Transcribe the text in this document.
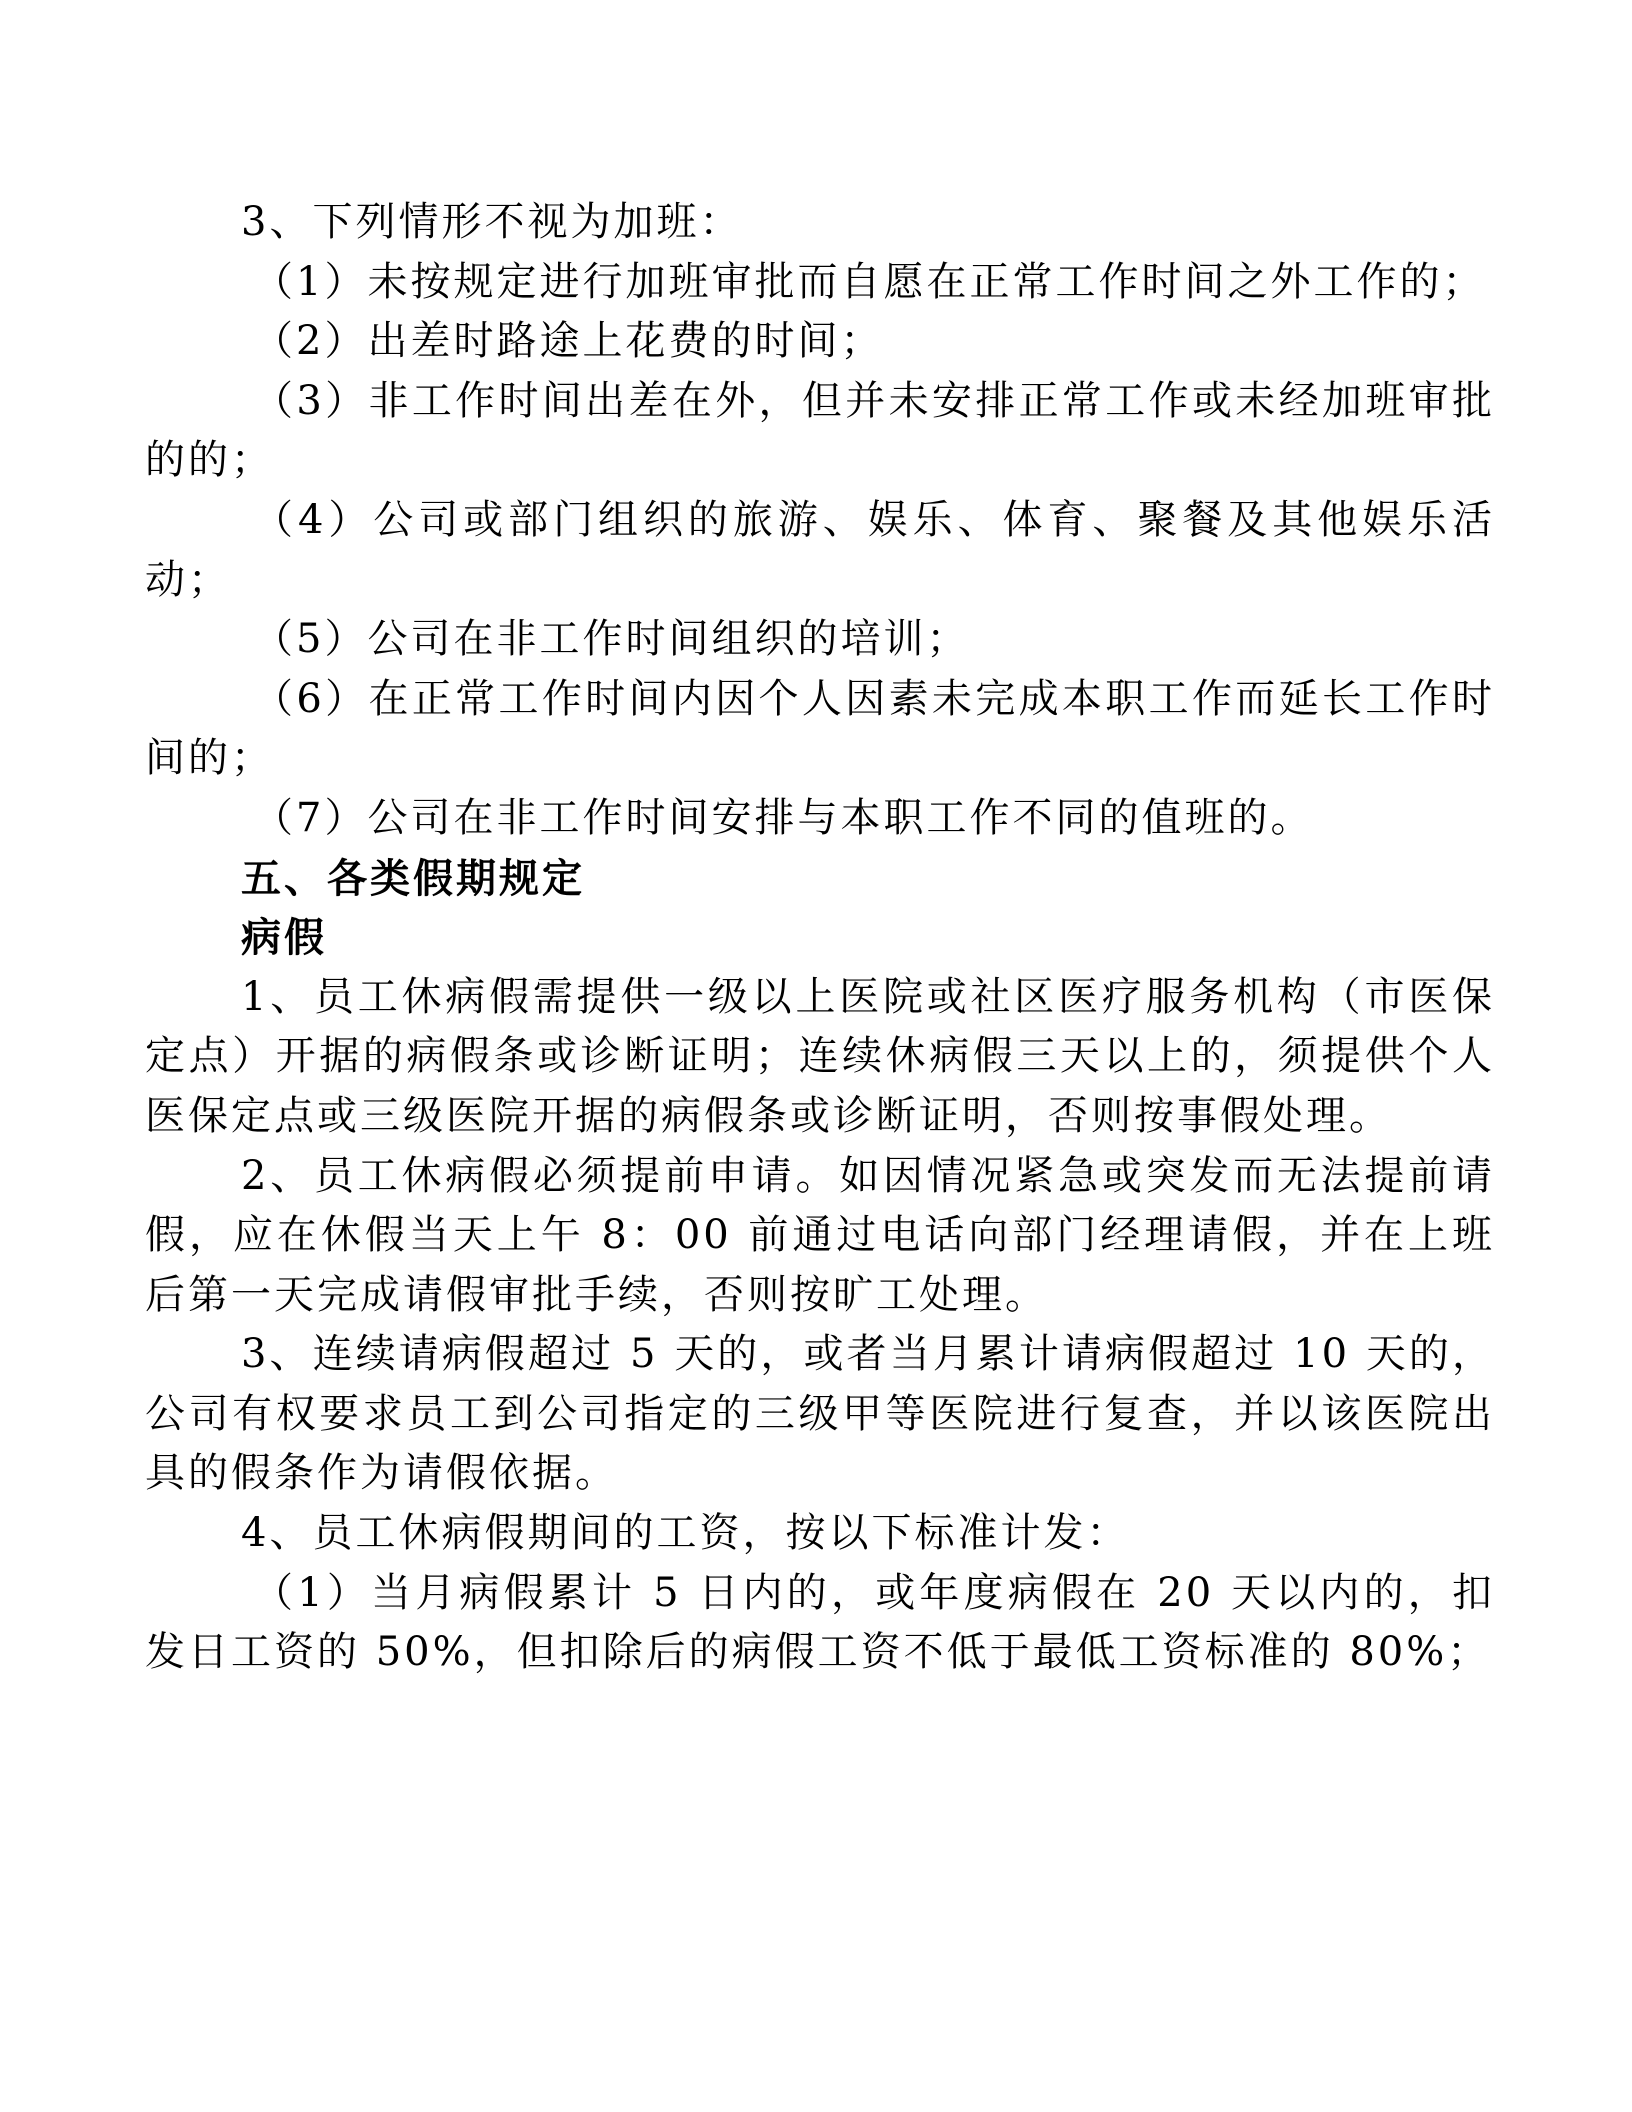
3、下列情形不视为加班：

（1）未按规定进行加班审批而自愿在正常工作时间之外工作的；

（2）出差时路途上花费的时间；

（3）非工作时间出差在外，但并未安排正常工作或未经加班审批的的；

（4）公司或部门组织的旅游、娱乐、体育、聚餐及其他娱乐活动；

（5）公司在非工作时间组织的培训；

（6）在正常工作时间内因个人因素未完成本职工作而延长工作时间的；

（7）公司在非工作时间安排与本职工作不同的值班的。

五、各类假期规定

病假

1、员工休病假需提供一级以上医院或社区医疗服务机构（市医保定点）开据的病假条或诊断证明；连续休病假三天以上的，须提供个人医保定点或三级医院开据的病假条或诊断证明，否则按事假处理。

2、员工休病假必须提前申请。如因情况紧急或突发而无法提前请假，应在休假当天上午 8：00 前通过电话向部门经理请假，并在上班后第一天完成请假审批手续，否则按旷工处理。

3、连续请病假超过 5 天的，或者当月累计请病假超过 10 天的，公司有权要求员工到公司指定的三级甲等医院进行复查，并以该医院出具的假条作为请假依据。

4、员工休病假期间的工资，按以下标准计发：

（1）当月病假累计 5 日内的，或年度病假在 20 天以内的，扣发日工资的 50%，但扣除后的病假工资不低于最低工资标准的 80%；
